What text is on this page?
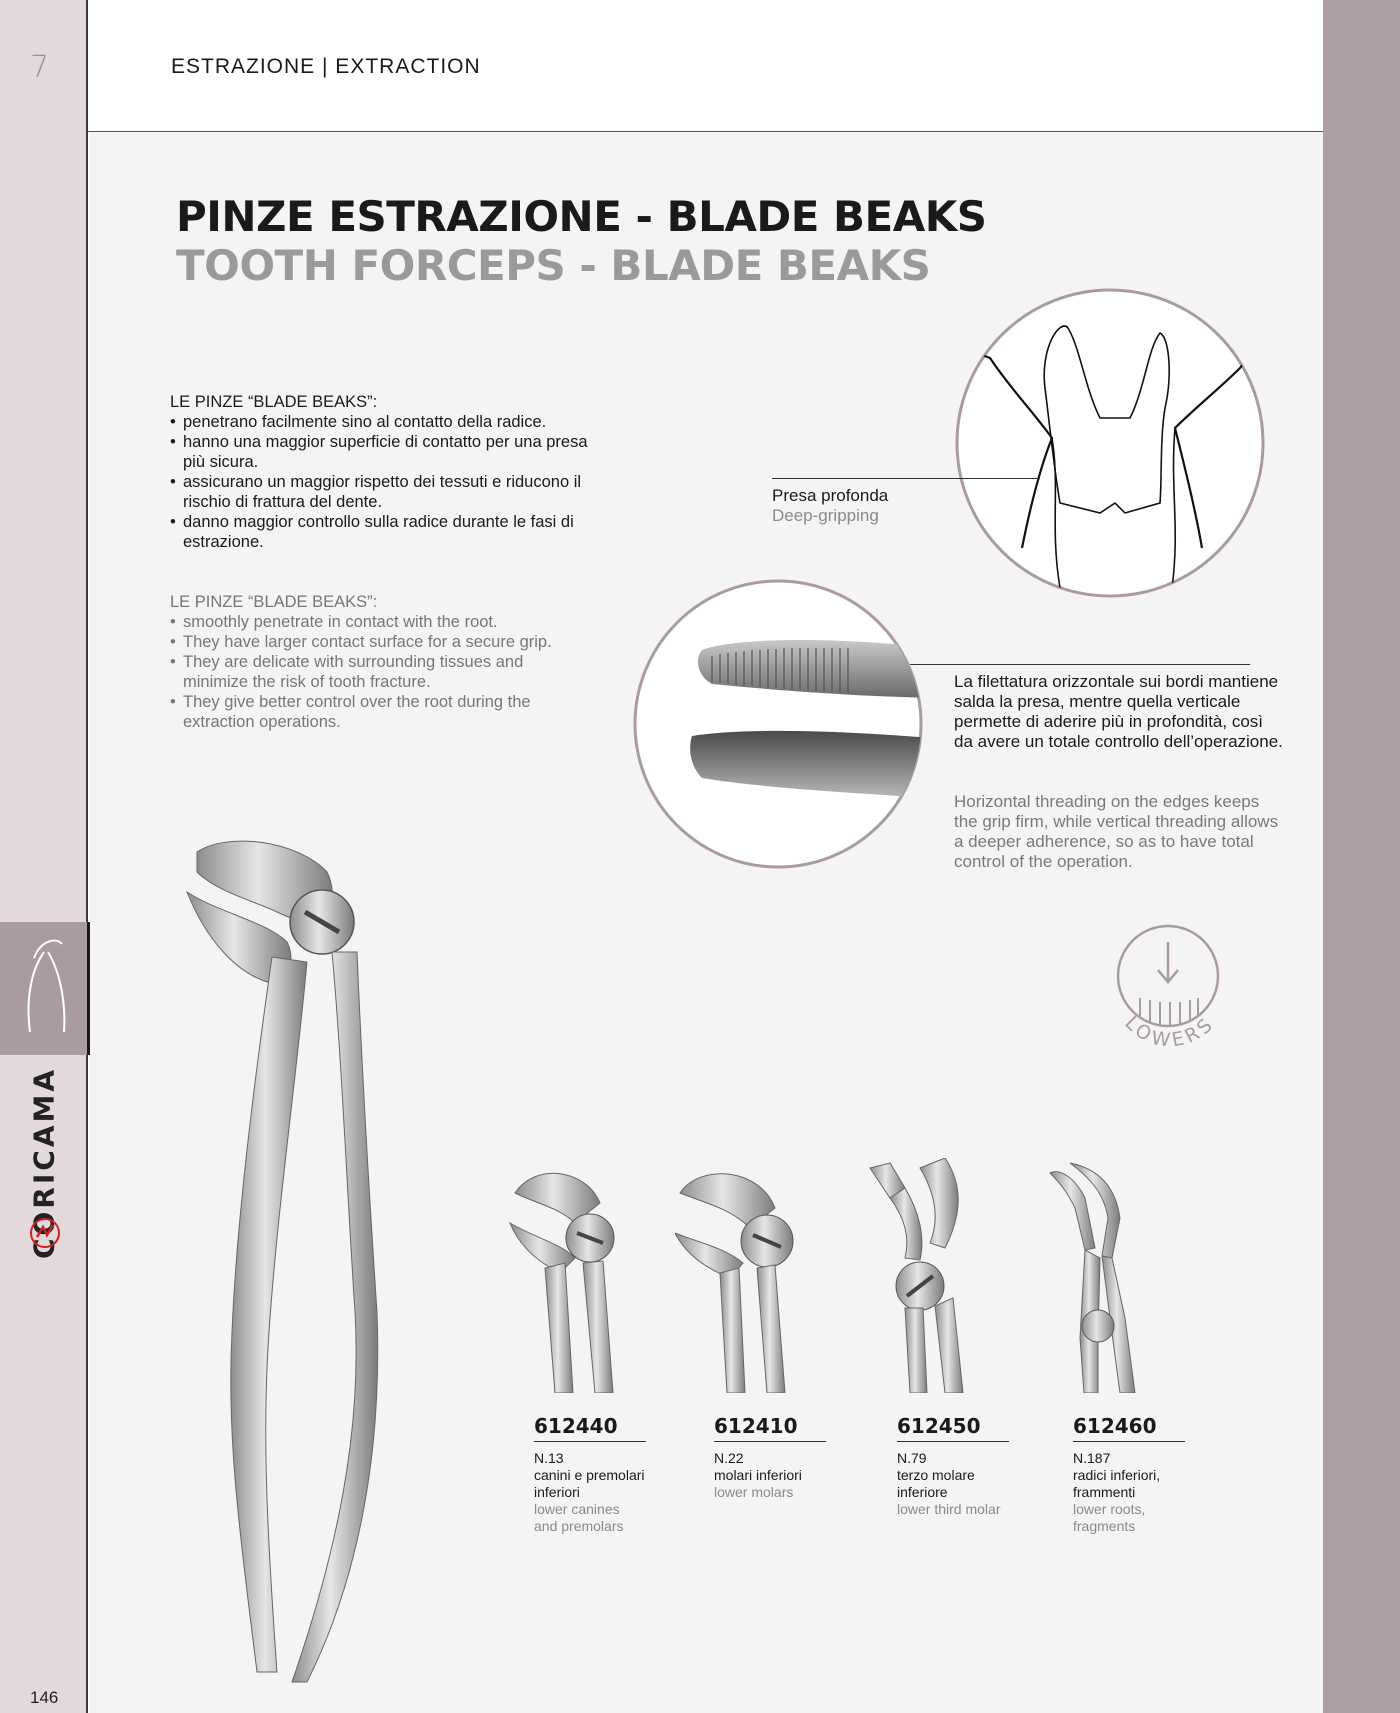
7
CORICAMA
146
ESTRAZIONE | EXTRACTION
PINZE ESTRAZIONE - BLADE BEAKS
TOOTH FORCEPS - BLADE BEAKS
LE PINZE “BLADE BEAKS”:
• penetrano facilmente sino al contatto della radice.
• hanno una maggior superficie di contatto per una presa più sicura.
• assicurano un maggior rispetto dei tessuti e riducono il rischio di frattura del dente.
• danno maggior controllo sulla radice durante le fasi di estrazione.
LE PINZE “BLADE BEAKS”:
• smoothly penetrate in contact with the root.
• They have larger contact surface for a secure grip.
• They are delicate with surrounding tissues and minimize the risk of tooth fracture.
• They give better control over the root during the extraction operations.
Presa profonda
Deep-gripping
La filettatura orizzontale sui bordi mantiene salda la presa, mentre quella verticale permette di aderire più in profondità, così da avere un totale controllo dell’operazione.
Horizontal threading on the edges keeps the grip firm, while vertical threading allows a deeper adherence, so as to have total control of the operation.
LOWERS
612440
N.13
canini e premolari inferiori
lower canines and premolars
612410
N.22
molari inferiori
lower molars
612450
N.79
terzo molare inferiore
lower third molar
612460
N.187
radici inferiori, frammenti
lower roots, fragments
